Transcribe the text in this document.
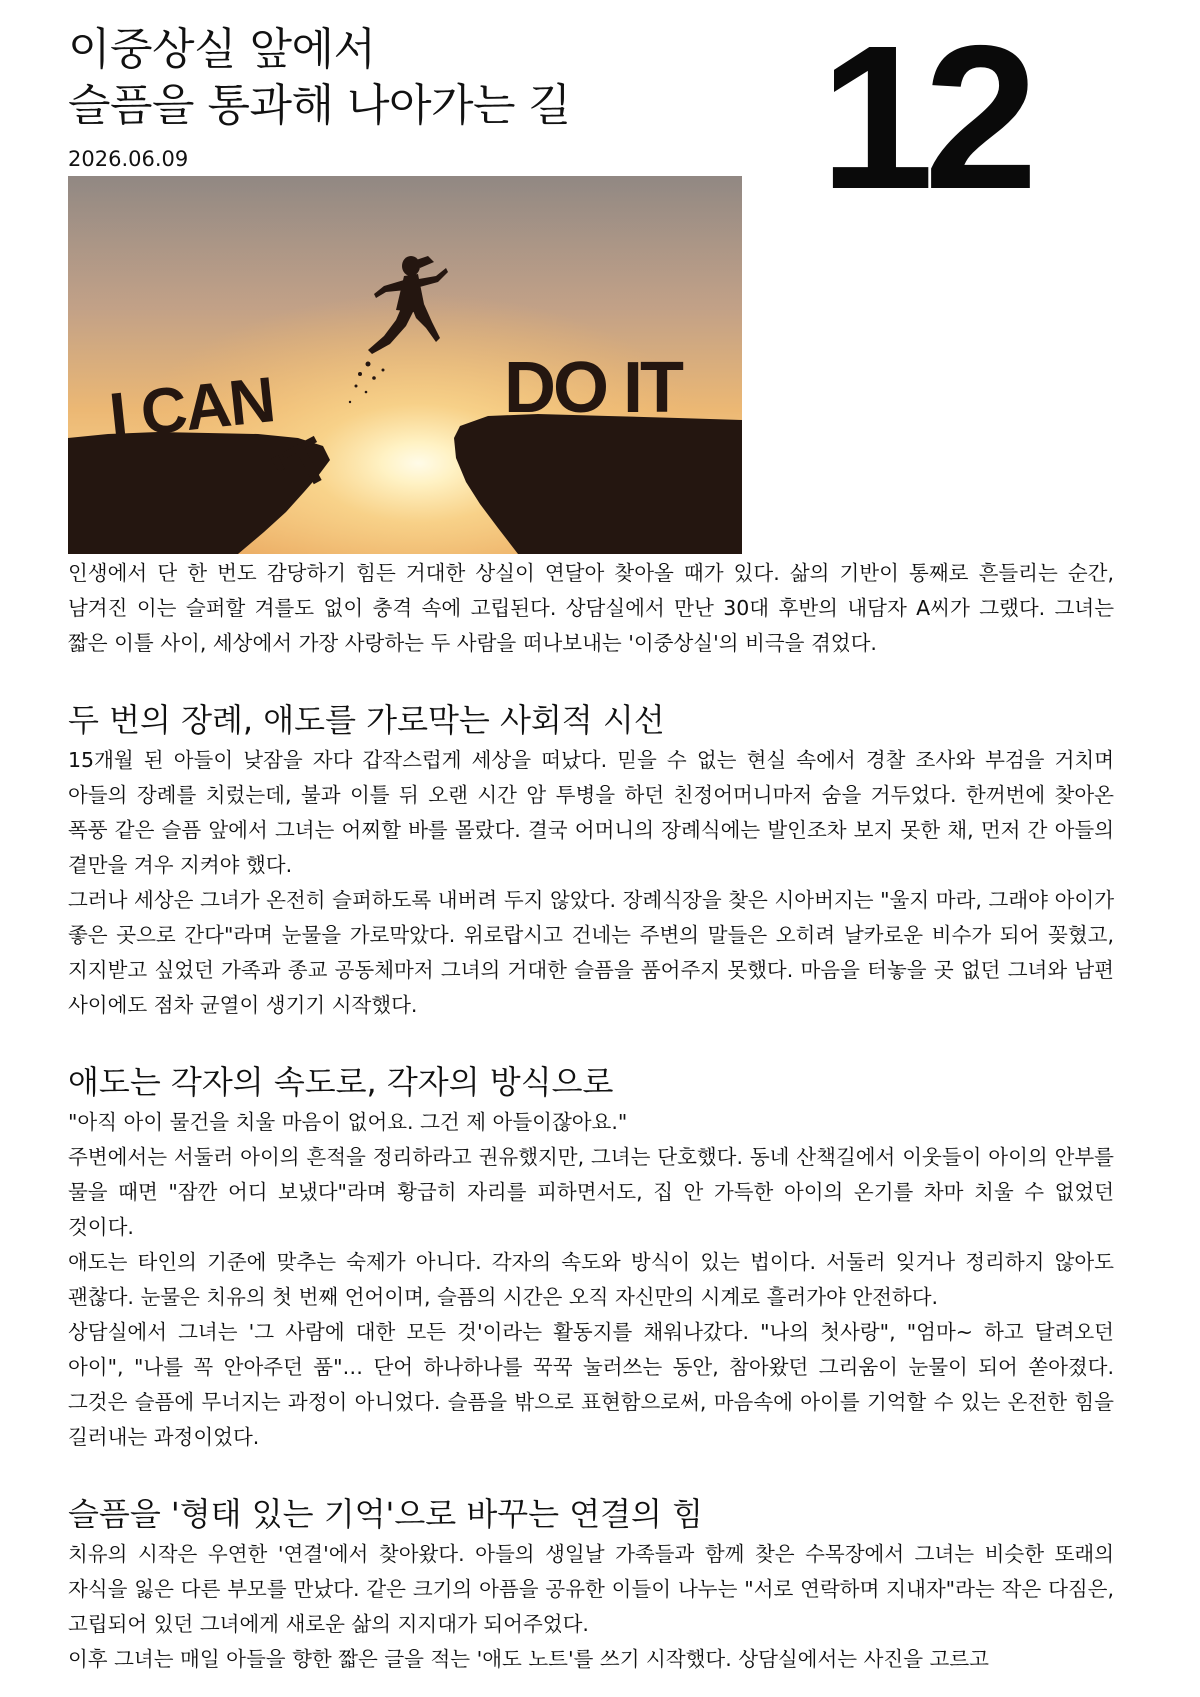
이중상실 앞에서
슬픔을 통과해 나아가는 길 12
2026.06.09
I CAN
'T
DO IT

인생에서 단 한 번도 감당하기 힘든 거대한 상실이 연달아 찾아올 때가 있다. 삶의 기반이 통째로 흔들리는 순간, 남겨진 이는 슬퍼할 겨를도 없이 충격 속에 고립된다. 상담실에서 만난 30대 후반의 내담자 A씨가 그랬다. 그녀는 짧은 이틀 사이, 세상에서 가장 사랑하는 두 사람을 떠나보내는 '이중상실'의 비극을 겪었다.

두 번의 장례, 애도를 가로막는 사회적 시선

15개월 된 아들이 낮잠을 자다 갑작스럽게 세상을 떠났다. 믿을 수 없는 현실 속에서 경찰 조사와 부검을 거치며 아들의 장례를 치렀는데, 불과 이틀 뒤 오랜 시간 암 투병을 하던 친정어머니마저 숨을 거두었다. 한꺼번에 찾아온 폭풍 같은 슬픔 앞에서 그녀는 어찌할 바를 몰랐다. 결국 어머니의 장례식에는 발인조차 보지 못한 채, 먼저 간 아들의 곁만을 겨우 지켜야 했다.

그러나 세상은 그녀가 온전히 슬퍼하도록 내버려 두지 않았다. 장례식장을 찾은 시아버지는 "울지 마라, 그래야 아이가 좋은 곳으로 간다"라며 눈물을 가로막았다. 위로랍시고 건네는 주변의 말들은 오히려 날카로운 비수가 되어 꽂혔고, 지지받고 싶었던 가족과 종교 공동체마저 그녀의 거대한 슬픔을 품어주지 못했다. 마음을 터놓을 곳 없던 그녀와 남편 사이에도 점차 균열이 생기기 시작했다.

애도는 각자의 속도로, 각자의 방식으로

"아직 아이 물건을 치울 마음이 없어요. 그건 제 아들이잖아요."

주변에서는 서둘러 아이의 흔적을 정리하라고 권유했지만, 그녀는 단호했다. 동네 산책길에서 이웃들이 아이의 안부를 물을 때면 "잠깐 어디 보냈다"라며 황급히 자리를 피하면서도, 집 안 가득한 아이의 온기를 차마 치울 수 없었던 것이다.

애도는 타인의 기준에 맞추는 숙제가 아니다. 각자의 속도와 방식이 있는 법이다. 서둘러 잊거나 정리하지 않아도 괜찮다. 눈물은 치유의 첫 번째 언어이며, 슬픔의 시간은 오직 자신만의 시계로 흘러가야 안전하다.

상담실에서 그녀는 '그 사람에 대한 모든 것'이라는 활동지를 채워나갔다. "나의 첫사랑", "엄마~ 하고 달려오던 아이", "나를 꼭 안아주던 품"… 단어 하나하나를 꾹꾹 눌러쓰는 동안, 참아왔던 그리움이 눈물이 되어 쏟아졌다. 그것은 슬픔에 무너지는 과정이 아니었다. 슬픔을 밖으로 표현함으로써, 마음속에 아이를 기억할 수 있는 온전한 힘을 길러내는 과정이었다.

슬픔을 '형태 있는 기억'으로 바꾸는 연결의 힘

치유의 시작은 우연한 '연결'에서 찾아왔다. 아들의 생일날 가족들과 함께 찾은 수목장에서 그녀는 비슷한 또래의 자식을 잃은 다른 부모를 만났다. 같은 크기의 아픔을 공유한 이들이 나누는 "서로 연락하며 지내자"라는 작은 다짐은, 고립되어 있던 그녀에게 새로운 삶의 지지대가 되어주었다.

이후 그녀는 매일 아들을 향한 짧은 글을 적는 '애도 노트'를 쓰기 시작했다. 상담실에서는 사진을 고르고
